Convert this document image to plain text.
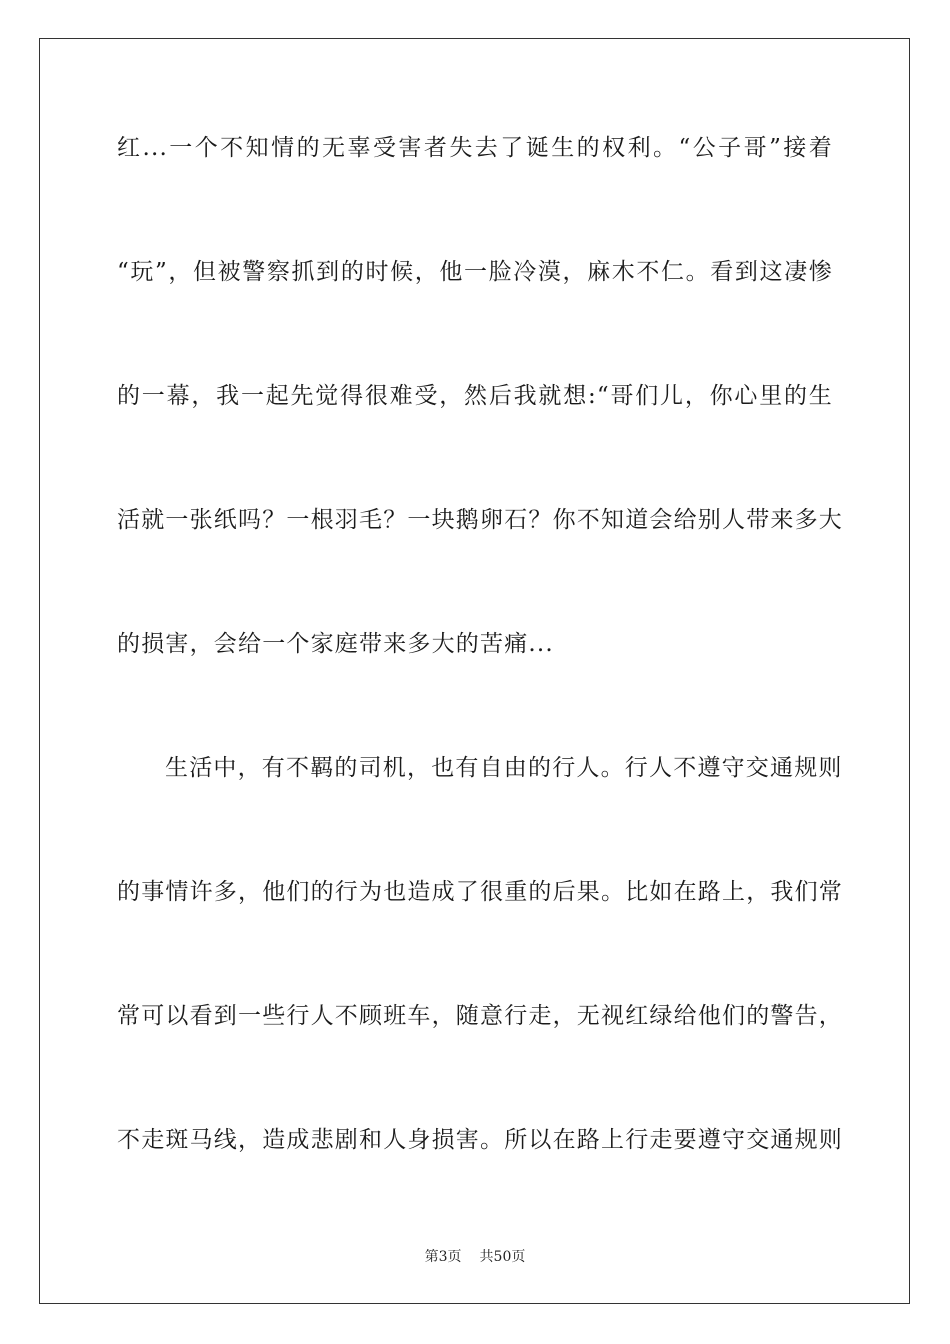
红...一个不知情的无辜受害者失去了诞生的权利。“公子哥”接着
“玩”，但被警察抓到的时候，他一脸冷漠，麻木不仁。看到这凄惨
的一幕，我一起先觉得很难受，然后我就想:“哥们儿，你心里的生
活就一张纸吗？一根羽毛？一块鹅卵石？你不知道会给别人带来多大
的损害，会给一个家庭带来多大的苦痛...
生活中，有不羁的司机，也有自由的行人。行人不遵守交通规则
的事情许多，他们的行为也造成了很重的后果。比如在路上，我们常
常可以看到一些行人不顾班车，随意行走，无视红绿给他们的警告，
不走斑马线，造成悲剧和人身损害。所以在路上行走要遵守交通规则
第3页 共50页
